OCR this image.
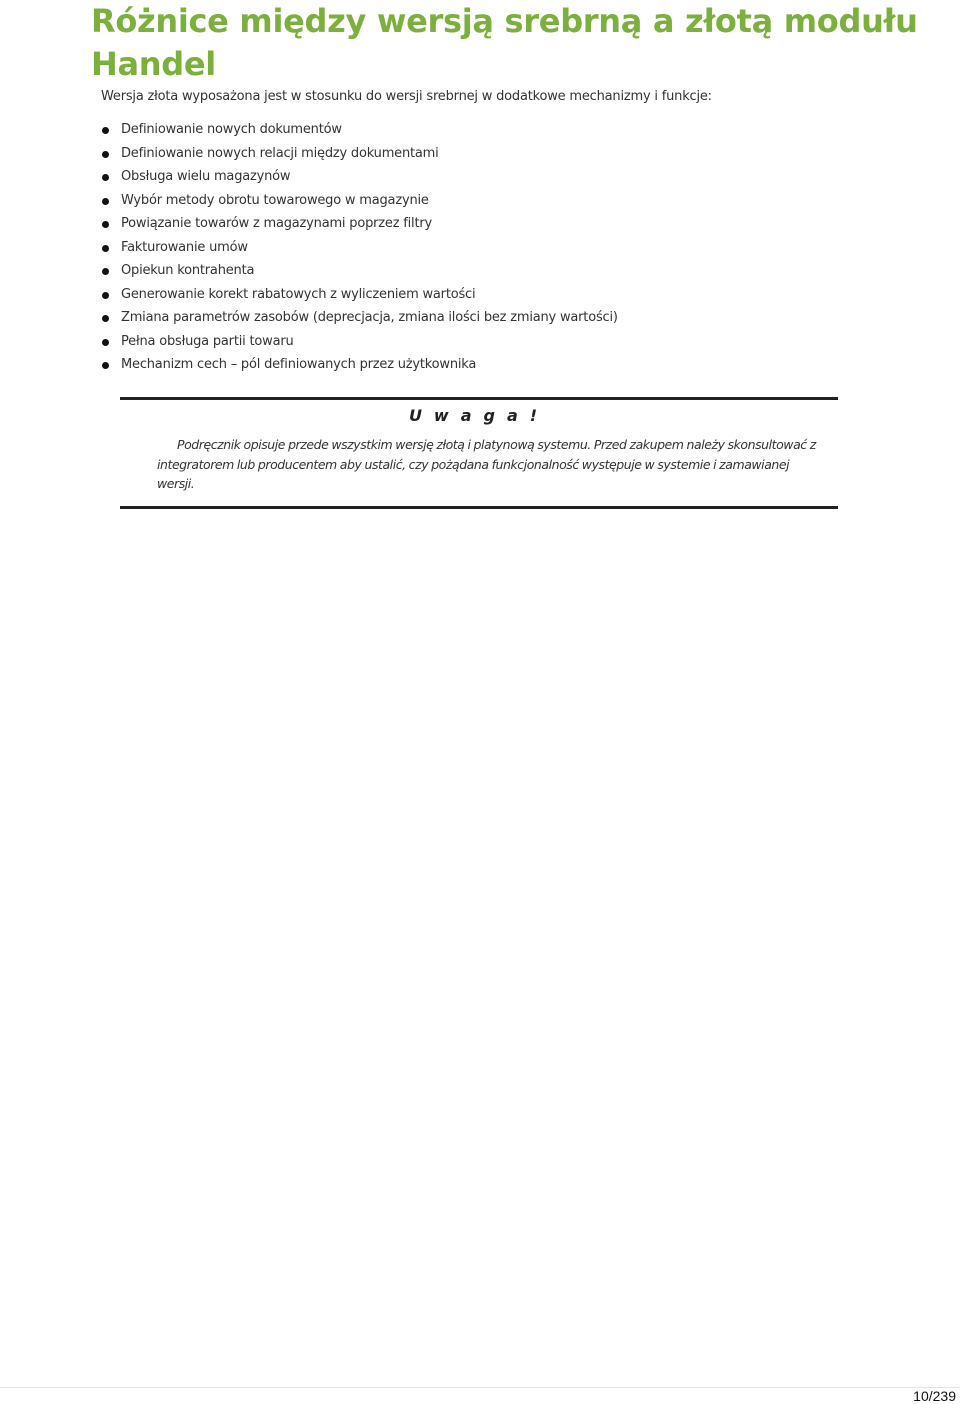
Różnice między wersją srebrną a złotą modułu Handel

Wersja złota wyposażona jest w stosunku do wersji srebrnej w dodatkowe mechanizmy i funkcje:

Definiowanie nowych dokumentów
Definiowanie nowych relacji między dokumentami
Obsługa wielu magazynów
Wybór metody obrotu towarowego w magazynie
Powiązanie towarów z magazynami poprzez filtry
Fakturowanie umów
Opiekun kontrahenta
Generowanie korekt rabatowych z wyliczeniem wartości
Zmiana parametrów zasobów (deprecjacja, zmiana ilości bez zmiany wartości)
Pełna obsługa partii towaru
Mechanizm cech – pól definiowanych przez użytkownika
Uwaga!

Podręcznik opisuje przede wszystkim wersję złotą i platynową systemu. Przed zakupem należy skonsultować z integratorem lub producentem aby ustalić, czy pożądana funkcjonalność występuje w systemie i zamawianej wersji.

10/239
